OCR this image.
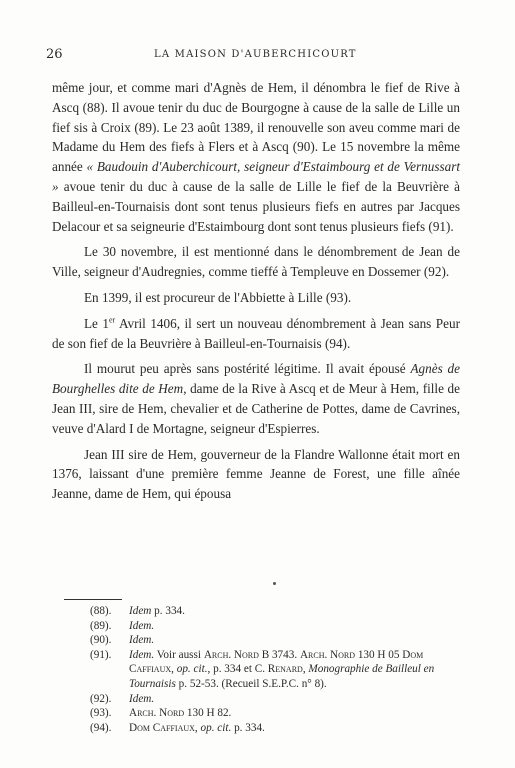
26	LA MAISON D'AUBERCHICOURT

même jour, et comme mari d'Agnès de Hem, il dénombra le fief de Rive à Ascq (88). Il avoue tenir du duc de Bourgogne à cause de la salle de Lille un fief sis à Croix (89). Le 23 août 1389, il renouvelle son aveu comme mari de Madame du Hem des fiefs à Flers et à Ascq (90). Le 15 novembre la même année « Baudouin d'Auberchicourt, seigneur d'Estaimbourg et de Vernussart » avoue tenir du duc à cause de la salle de Lille le fief de la Beuvrière à Bailleul-en-Tournaisis dont sont tenus plusieurs fiefs en autres par Jacques Delacour et sa seigneurie d'Estaimbourg dont sont tenus plusieurs fiefs (91).

Le 30 novembre, il est mentionné dans le dénombrement de Jean de Ville, seigneur d'Audregnies, comme tieffé à Templeuve en Dossemer (92).

En 1399, il est procureur de l'Abbiette à Lille (93).

Le 1er Avril 1406, il sert un nouveau dénombrement à Jean sans Peur de son fief de la Beuvrière à Bailleul-en-Tournaisis (94).

Il mourut peu après sans postérité légitime. Il avait épousé Agnès de Bourghelles dite de Hem, dame de la Rive à Ascq et de Meur à Hem, fille de Jean III, sire de Hem, chevalier et de Catherine de Pottes, dame de Cavrines, veuve d'Alard I de Mortagne, seigneur d'Espierres.

Jean III sire de Hem, gouverneur de la Flandre Wallonne était mort en 1376, laissant d'une première femme Jeanne de Forest, une fille aînée Jeanne, dame de Hem, qui épousa

(88). Idem p. 334.

(89). Idem.

(90). Idem.

(91). Idem. Voir aussi Arch. Nord B 3743. Arch. Nord 130 H 05 Dom Caffiaux, op. cit., p. 334 et C. Renard, Monographie de Bailleul en Tournaisis p. 52-53. (Recueil S.E.P.C. n° 8).

(92). Idem.

(93). Arch. Nord 130 H 82.

(94). Dom Caffiaux, op. cit. p. 334.
